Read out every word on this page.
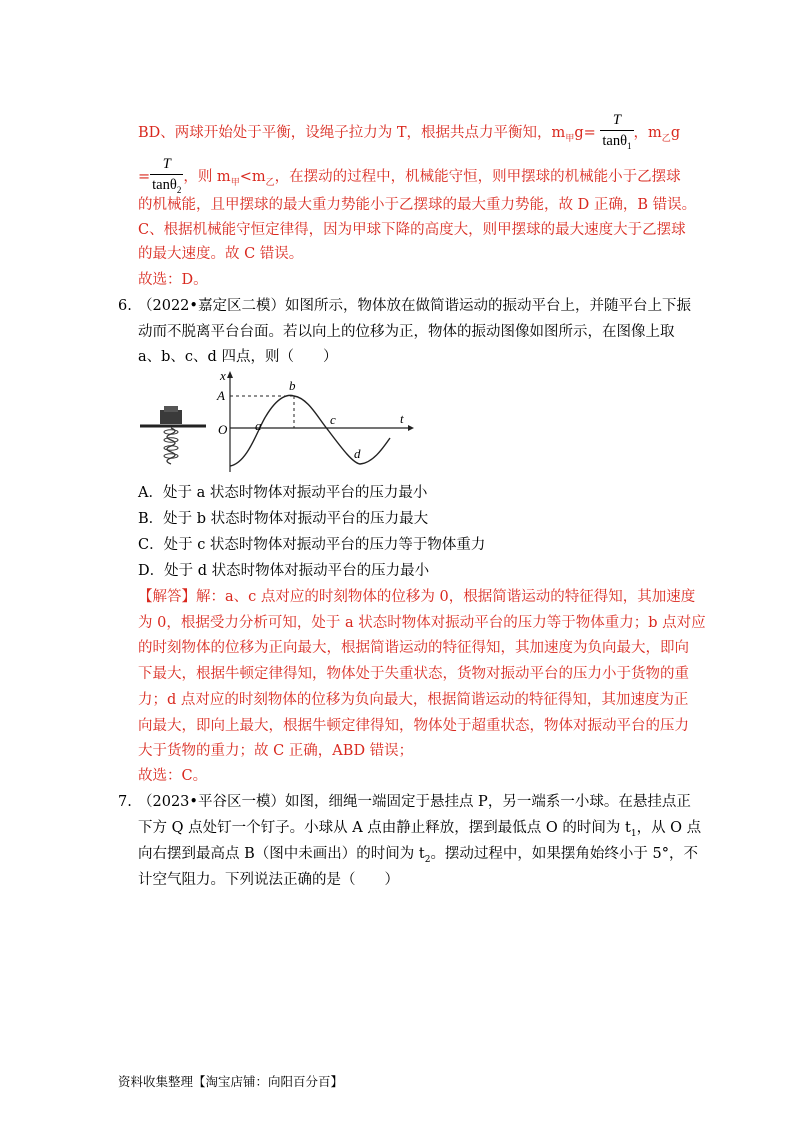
BD、两球开始处于平衡，设绳子拉力为 T，根据共点力平衡知，$m_甲g= \frac{T}{\tan\theta_1}$ ，$m_乙g$
= $\frac{T}{\tan\theta_2}$ ，则 $m_甲<m_乙$，在摆动的过程中，机械能守恒，则甲摆球的机械能小于乙摆球
的机械能，且甲摆球的最大重力势能小于乙摆球的最大重力势能，故 D 正确，B 错误。
C、根据机械能守恒定律得，因为甲球下降的高度大，则甲摆球的最大速度大于乙摆球
的最大速度。故 C 错误。
故选：D。
6. （2022•嘉定区二模）如图所示，物体放在做简谐运动的振动平台上，并随平台上下振
动而不脱离平台台面。若以向上的位移为正，物体的振动图像如图所示，在图像上取
a、b、c、d 四点，则（　　）
x
t
A
O a
b
c
d
A．处于 a 状态时物体对振动平台的压力最小
B．处于 b 状态时物体对振动平台的压力最大
C．处于 c 状态时物体对振动平台的压力等于物体重力
D．处于 d 状态时物体对振动平台的压力最小
【解答】解：a、c 点对应的时刻物体的位移为 0，根据简谐运动的特征得知，其加速度
为 0，根据受力分析可知，处于 a 状态时物体对振动平台的压力等于物体重力；b 点对应
的时刻物体的位移为正向最大，根据简谐运动的特征得知，其加速度为负向最大，即向
下最大，根据牛顿定律得知，物体处于失重状态，货物对振动平台的压力小于货物的重
力；d 点对应的时刻物体的位移为负向最大，根据简谐运动的特征得知，其加速度为正
向最大，即向上最大，根据牛顿定律得知，物体处于超重状态，物体对振动平台的压力
大于货物的重力；故 C 正确，ABD 错误；
故选：C。
7. （2023•平谷区一模）如图，细绳一端固定于悬挂点 P，另一端系一小球。在悬挂点正
下方 Q 点处钉一个钉子。小球从 A 点由静止释放，摆到最低点 O 的时间为 $t_1$，从 O 点
向右摆到最高点 B（图中未画出）的时间为 $t_2$。摆动过程中，如果摆角始终小于 5°，不
计空气阻力。下列说法正确的是（　　）
资料收集整理【淘宝店铺：向阳百分百】
